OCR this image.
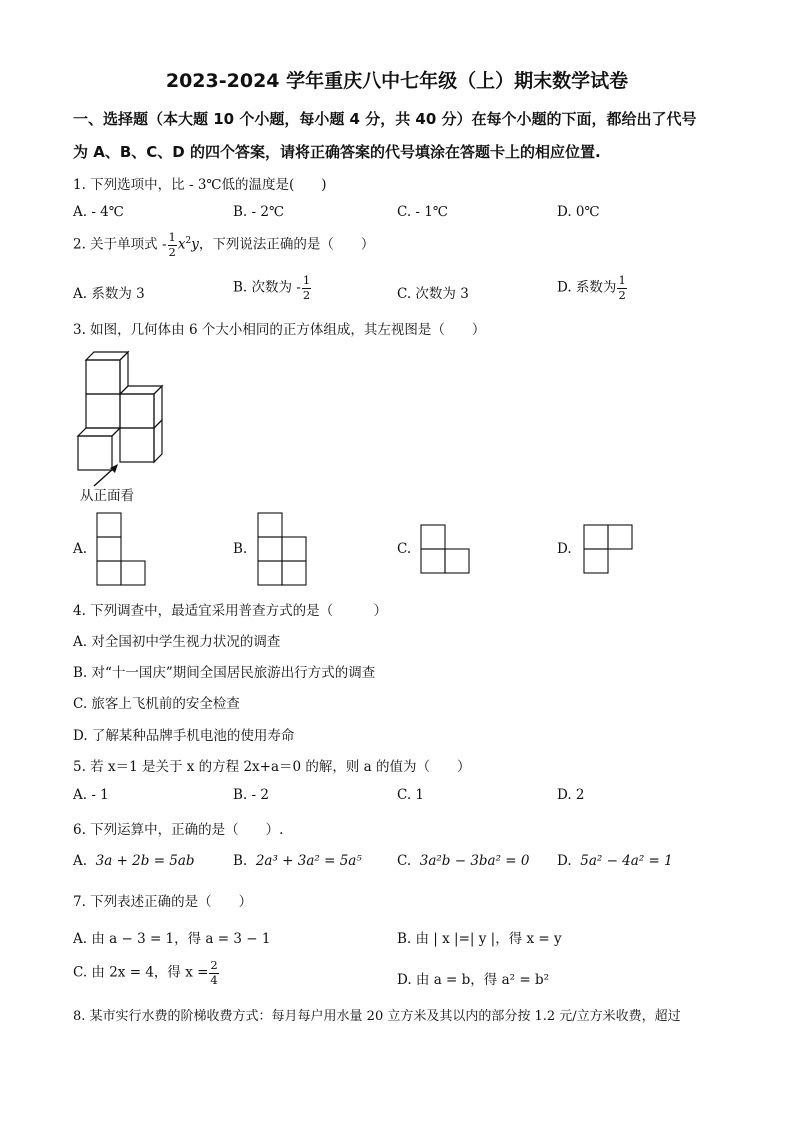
2023-2024 学年重庆八中七年级（上）期末数学试卷
一、选择题（本大题 10 个小题，每小题 4 分，共 40 分）在每个小题的下面，都给出了代号
为 A、B、C、D 的四个答案，请将正确答案的代号填涂在答题卡上的相应位置.
1. 下列选项中，比 - 3℃低的温度是(　　)
A. - 4℃	B. - 2℃	C. - 1℃	D. 0℃
2. 关于单项式 - $\frac{1}{2} x^2y$，下列说法正确的是（　　）
A. 系数为 3	B. 次数为 - $\frac{1}{2}$	C. 次数为 3	D. 系数为 $\frac{1}{2}$
3. 如图，几何体由 6 个大小相同的正方体组成，其左视图是（　　）
从正面看
A.	B.	C.	D.
4. 下列调查中，最适宜采用普查方式的是（　　　）
A. 对全国初中学生视力状况的调查
B. 对“十一国庆”期间全国居民旅游出行方式的调查
C. 旅客上飞机前的安全检查
D. 了解某种品牌手机电池的使用寿命
5. 若 x＝1 是关于 x 的方程 2x+a＝0 的解，则 a 的值为（　　）
A. - 1	B. - 2	C. 1	D. 2
6. 下列运算中，正确的是（　　）.
A. 3a + 2b = 5ab	B. 2a³ + 3a² = 5a⁵	C. 3a²b − 3ba² = 0 D. 5a² − 4a² = 1
7. 下列表述正确的是（　　）
A. 由 a − 3 = 1，得 a = 3 − 1	B. 由 | x |=| y |，得 x = y
C. 由 2x = 4，得 $x = \frac{2}{4}$	D. 由 a = b，得 a² = b²
8. 某市实行水费的阶梯收费方式：每月每户用水量 20 立方米及其以内的部分按 1.2 元/立方米收费，超过
